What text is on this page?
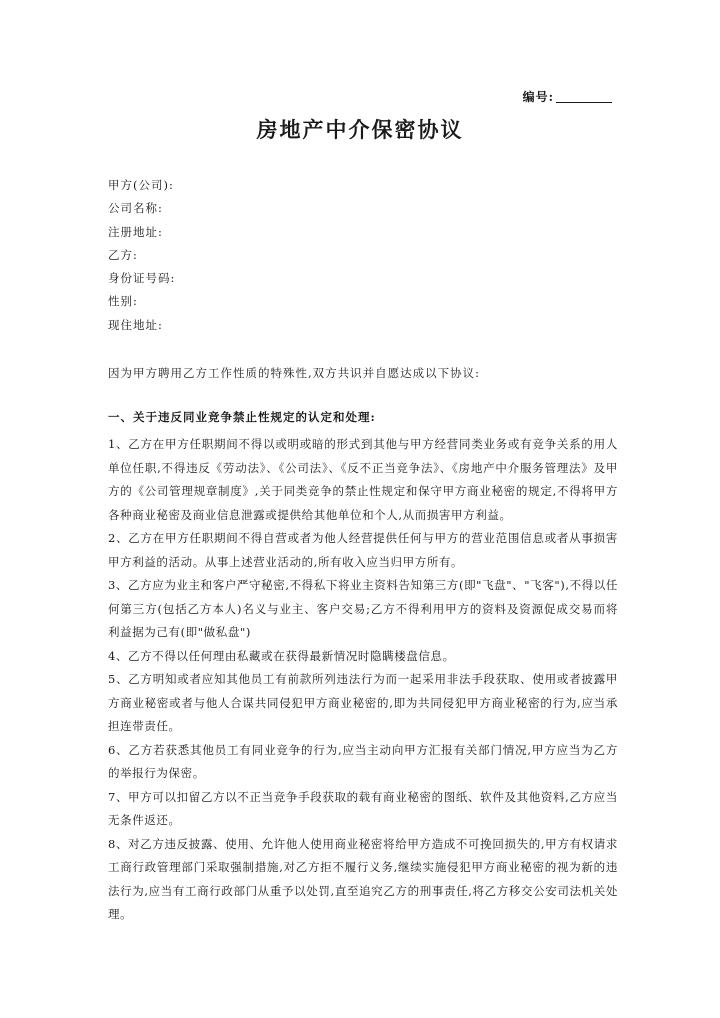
编号:
房地产中介保密协议
甲方(公司):
公司名称:
注册地址:
乙方:
身份证号码:
性别:
现住地址:
因为甲方聘用乙方工作性质的特殊性,双方共识并自愿达成以下协议:
一、关于违反同业竞争禁止性规定的认定和处理:
1、乙方在甲方任职期间不得以或明或暗的形式到其他与甲方经营同类业务或有竞争关系的用人单位任职,不得违反《劳动法》、《公司法》、《反不正当竞争法》、《房地产中介服务管理法》及甲方的《公司管理规章制度》,关于同类竞争的禁止性规定和保守甲方商业秘密的规定,不得将甲方各种商业秘密及商业信息泄露或提供给其他单位和个人,从而损害甲方利益。
2、乙方在甲方任职期间不得自营或者为他人经营提供任何与甲方的营业范围信息或者从事损害甲方利益的活动。从事上述营业活动的,所有收入应当归甲方所有。
3、乙方应为业主和客户严守秘密,不得私下将业主资料告知第三方(即"飞盘"、"飞客"),不得以任何第三方(包括乙方本人)名义与业主、客户交易;乙方不得利用甲方的资料及资源促成交易而将利益据为己有(即"做私盘")
4、乙方不得以任何理由私藏或在获得最新情况时隐瞒楼盘信息。
5、乙方明知或者应知其他员工有前款所列违法行为而一起采用非法手段获取、使用或者披露甲方商业秘密或者与他人合谋共同侵犯甲方商业秘密的,即为共同侵犯甲方商业秘密的行为,应当承担连带责任。
6、乙方若获悉其他员工有同业竞争的行为,应当主动向甲方汇报有关部门情况,甲方应当为乙方的举报行为保密。
7、甲方可以扣留乙方以不正当竞争手段获取的载有商业秘密的图纸、软件及其他资料,乙方应当无条件返还。
8、对乙方违反披露、使用、允许他人使用商业秘密将给甲方造成不可挽回损失的,甲方有权请求工商行政管理部门采取强制措施,对乙方拒不履行义务,继续实施侵犯甲方商业秘密的视为新的违法行为,应当有工商行政部门从重予以处罚,直至追究乙方的刑事责任,将乙方移交公安司法机关处理。
